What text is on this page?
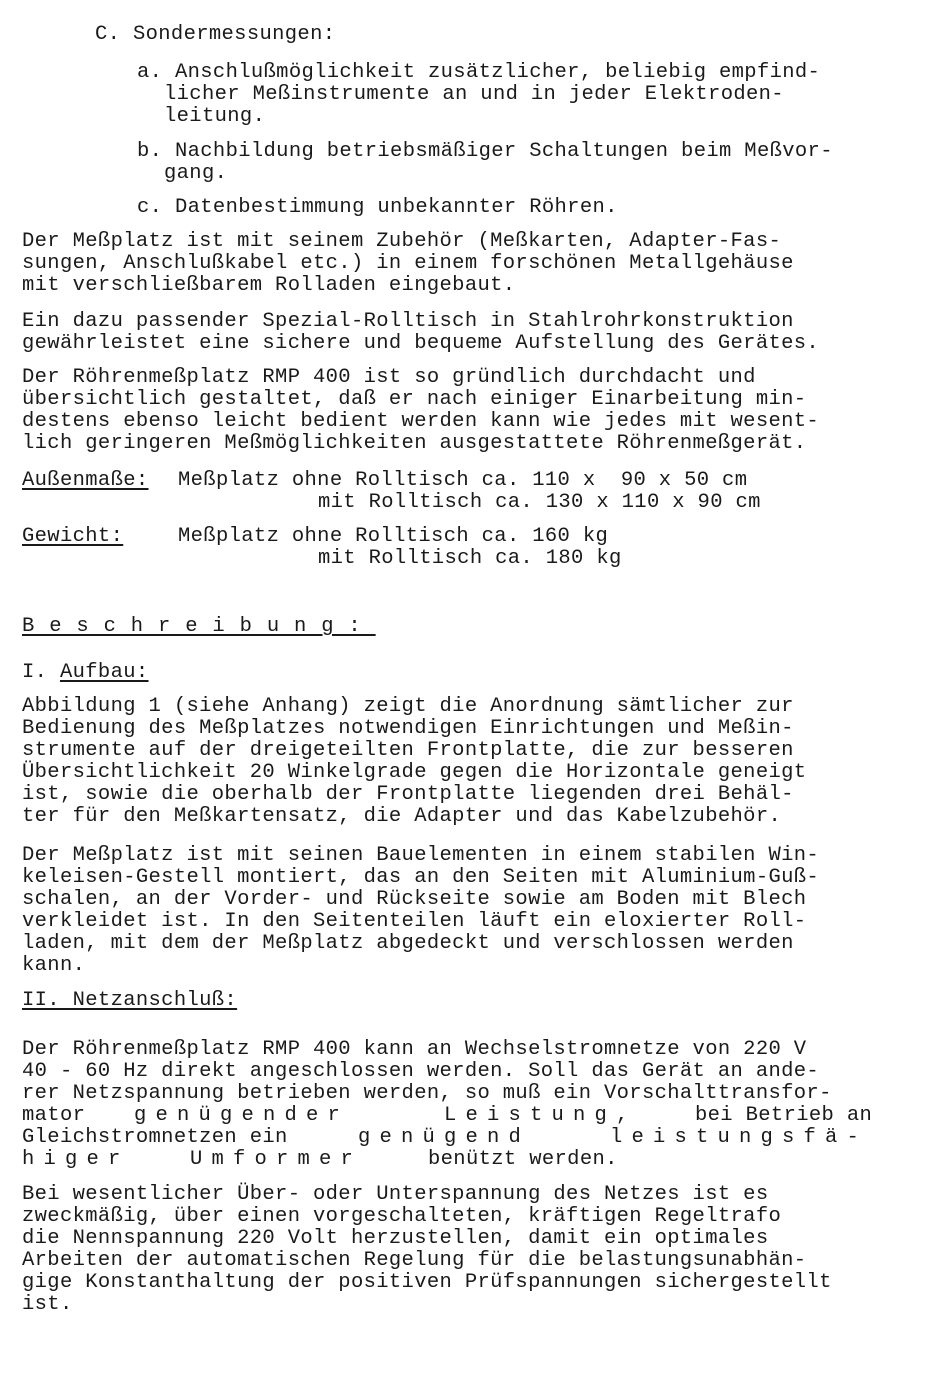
C. Sondermessungen:
a. Anschlußmöglichkeit zusätzlicher, beliebig empfind-
licher Meßinstrumente an und in jeder Elektroden-
leitung.
b. Nachbildung betriebsmäßiger Schaltungen beim Meßvor-
gang.
c. Datenbestimmung unbekannter Röhren.
Der Meßplatz ist mit seinem Zubehör (Meßkarten, Adapter-Fas-
sungen, Anschlußkabel etc.) in einem forschönen Metallgehäuse
mit verschließbarem Rolladen eingebaut.
Ein dazu passender Spezial-Rolltisch in Stahlrohrkonstruktion
gewährleistet eine sichere und bequeme Aufstellung des Gerätes.
Der Röhrenmeßplatz RMP 400 ist so gründlich durchdacht und
übersichtlich gestaltet, daß er nach einiger Einarbeitung min-
destens ebenso leicht bedient werden kann wie jedes mit wesent-
lich geringeren Meßmöglichkeiten ausgestattete Röhrenmeßgerät.
Außenmaße: Meßplatz ohne Rolltisch ca. 110 x  90 x 50 cm
mit Rolltisch ca. 130 x 110 x 90 cm
Gewicht:	Meßplatz ohne Rolltisch ca. 160 kg
mit Rolltisch ca. 180 kg
Beschreibung:
I. Aufbau:
Abbildung 1 (siehe Anhang) zeigt die Anordnung sämtlicher zur
Bedienung des Meßplatzes notwendigen Einrichtungen und Meßin-
strumente auf der dreigeteilten Frontplatte, die zur besseren
Übersichtlichkeit 20 Winkelgrade gegen die Horizontale geneigt
ist, sowie die oberhalb der Frontplatte liegenden drei Behäl-
ter für den Meßkartensatz, die Adapter und das Kabelzubehör.
Der Meßplatz ist mit seinen Bauelementen in einem stabilen Win-
keleisen-Gestell montiert, das an den Seiten mit Aluminium-Guß-
schalen, an der Vorder- und Rückseite sowie am Boden mit Blech
verkleidet ist. In den Seitenteilen läuft ein eloxierter Roll-
laden, mit dem der Meßplatz abgedeckt und verschlossen werden
kann.
II. Netzanschluß:
Der Röhrenmeßplatz RMP 400 kann an Wechselstromnetze von 220 V
40 - 60 Hz direkt angeschlossen werden. Soll das Gerät an ande-
rer Netzspannung betrieben werden, so muß ein Vorschalttransfor-
mator genügender	Leistung,	bei Betrieb an
Gleichstromnetzen ein	genügend	leistungsfä-
higer	Umformer	benützt werden.
Bei wesentlicher Über- oder Unterspannung des Netzes ist es
zweckmäßig, über einen vorgeschalteten, kräftigen Regeltrafo
die Nennspannung 220 Volt herzustellen, damit ein optimales
Arbeiten der automatischen Regelung für die belastungsunabhän-
gige Konstanthaltung der positiven Prüfspannungen sichergestellt
ist.
